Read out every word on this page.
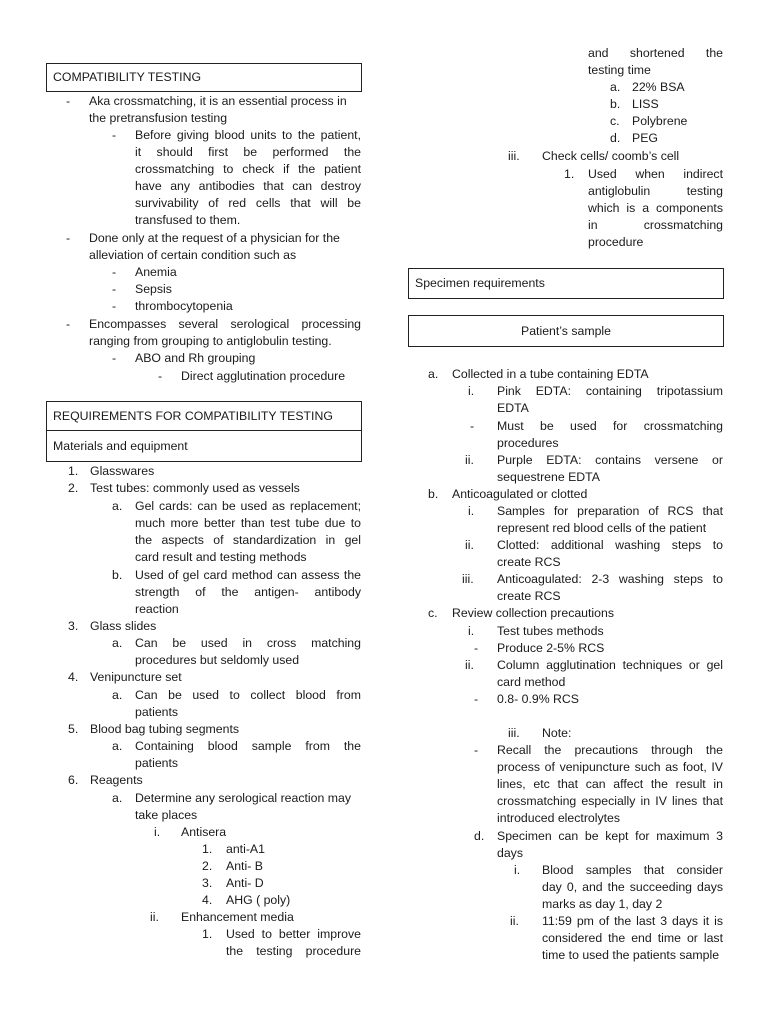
COMPATIBILITY TESTING
- Aka crossmatching, it is an essential process in
the pretransfusion testing
- Before giving blood units to the patient,
it should first be performed the
crossmatching to check if the patient
have any antibodies that can destroy
survivability of red cells that will be
transfused to them.
- Done only at the request of a physician for the
alleviation of certain condition such as
- Anemia
- Sepsis
- thrombocytopenia
- Encompasses several serological processing
ranging from grouping to antiglobulin testing.
- ABO and Rh grouping
- Direct agglutination procedure
REQUIREMENTS FOR COMPATIBILITY TESTING
Materials and equipment
1. Glasswares
2. Test tubes: commonly used as vessels
a. Gel cards: can be used as replacement;
much more better than test tube due to
the aspects of standardization in gel
card result and testing methods
b. Used of gel card method can assess the
strength of the antigen- antibody
reaction
3. Glass slides
a. Can be used in cross matching
procedures but seldomly used
4. Venipuncture set
a. Can be used to collect blood from
patients
5. Blood bag tubing segments
a. Containing blood sample from the
patients
6. Reagents
a. Determine any serological reaction may
take places
i. Antisera
1. anti-A1
2. Anti- B
3. Anti- D
4. AHG ( poly)
ii. Enhancement media
1. Used to better improve
the testing procedure
and shortened the
testing time
a. 22% BSA
b. LISS
c. Polybrene
d. PEG
iii. Check cells/ coomb’s cell
1. Used when indirect
antiglobulin testing
which is a components
in crossmatching
procedure
Specimen requirements
Patient’s sample
a. Collected in a tube containing EDTA
i. Pink EDTA: containing tripotassium
EDTA
- Must be used for crossmatching
procedures
ii. Purple EDTA: contains versene or
sequestrene EDTA
b. Anticoagulated or clotted
i. Samples for preparation of RCS that
represent red blood cells of the patient
ii. Clotted: additional washing steps to
create RCS
iii. Anticoagulated: 2-3 washing steps to
create RCS
c. Review collection precautions
i. Test tubes methods
- Produce 2-5% RCS
ii. Column agglutination techniques or gel
card method
- 0.8- 0.9% RCS
iii. Note:
- Recall the precautions through the
process of venipuncture such as foot, IV
lines, etc that can affect the result in
crossmatching especially in IV lines that
introduced electrolytes
d. Specimen can be kept for maximum 3
days
i. Blood samples that consider
day 0, and the succeeding days
marks as day 1, day 2
ii. 11:59 pm of the last 3 days it is
considered the end time or last
time to used the patients sample
